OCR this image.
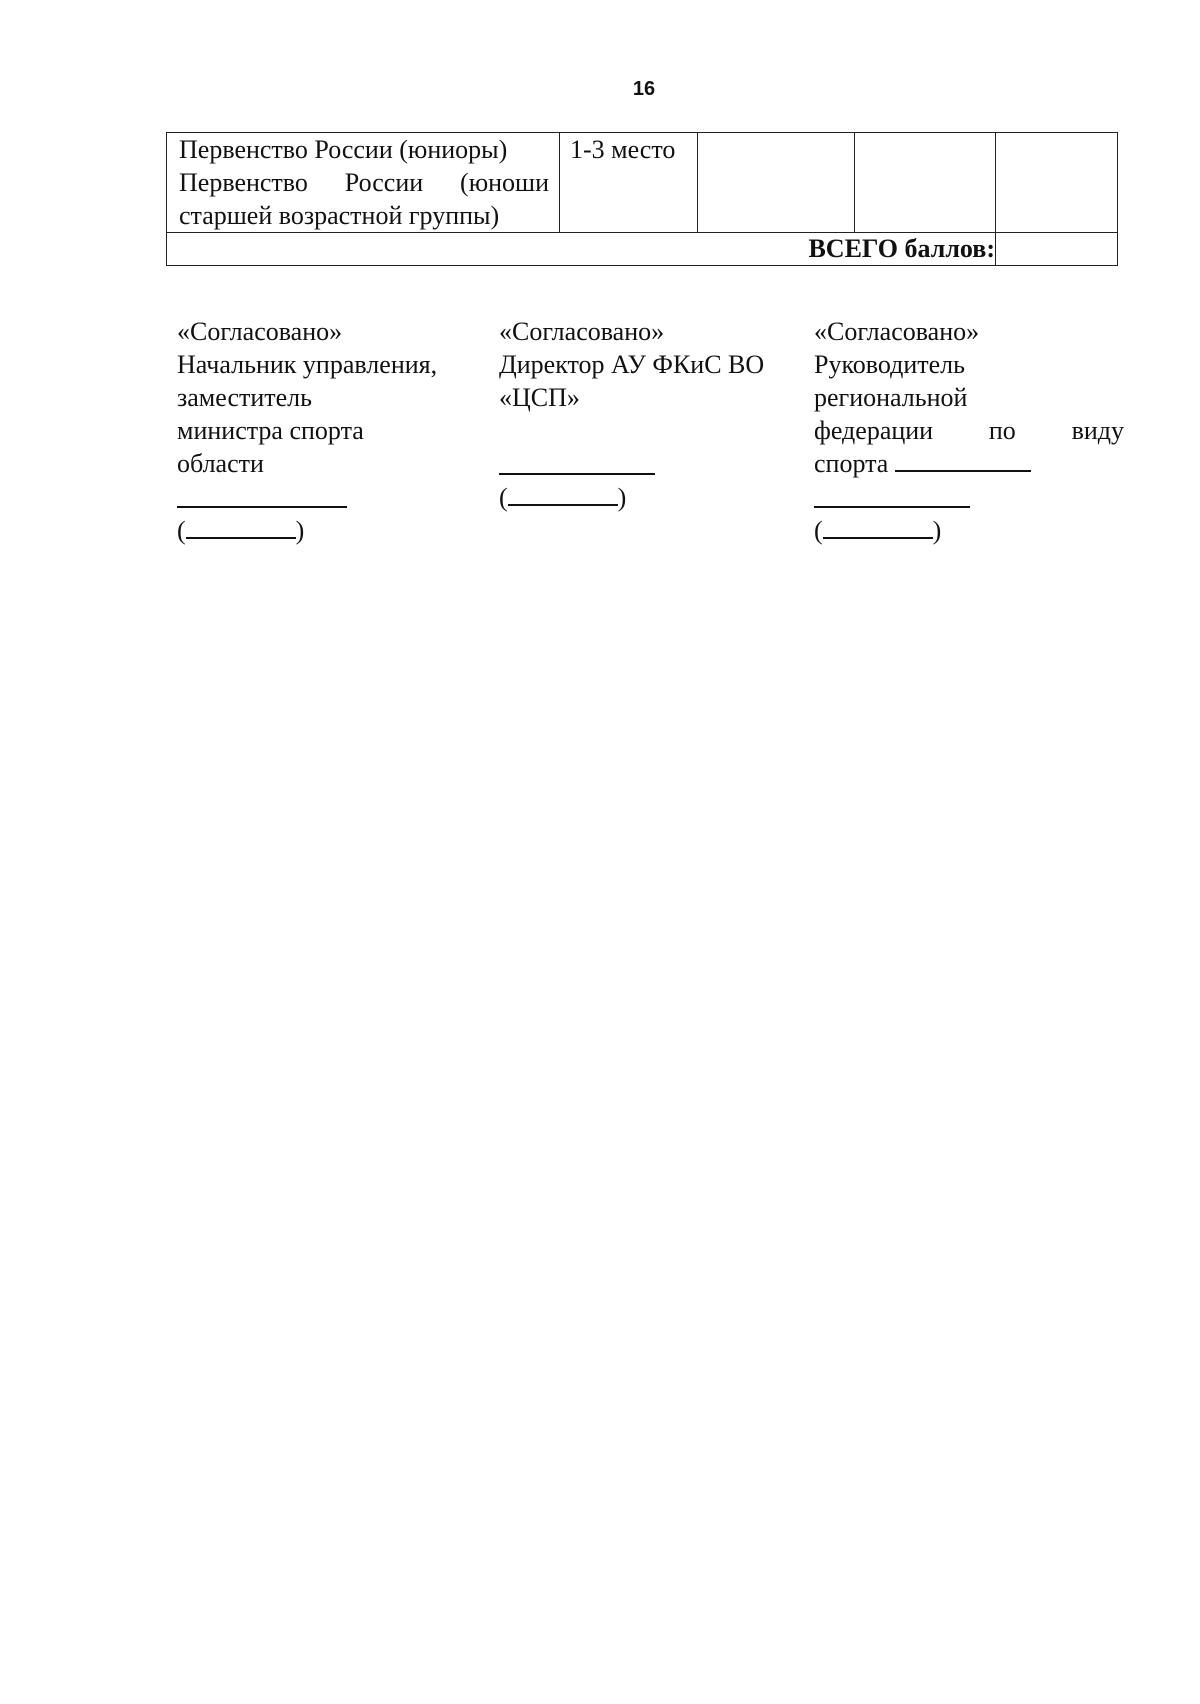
16
Первенство России (юниоры)
Первенство России (юноши
старшей возрастной группы)	1-3 место			

ВСЕГО баллов:				
«Согласовано»
Начальник управления,
заместитель
министра спорта
области
(	)
«Согласовано»
Директор АУ ФКиС ВО
«ЦСП»
(	)
«Согласовано»
Руководитель
региональной
федерации по виду
спорта
(	)
